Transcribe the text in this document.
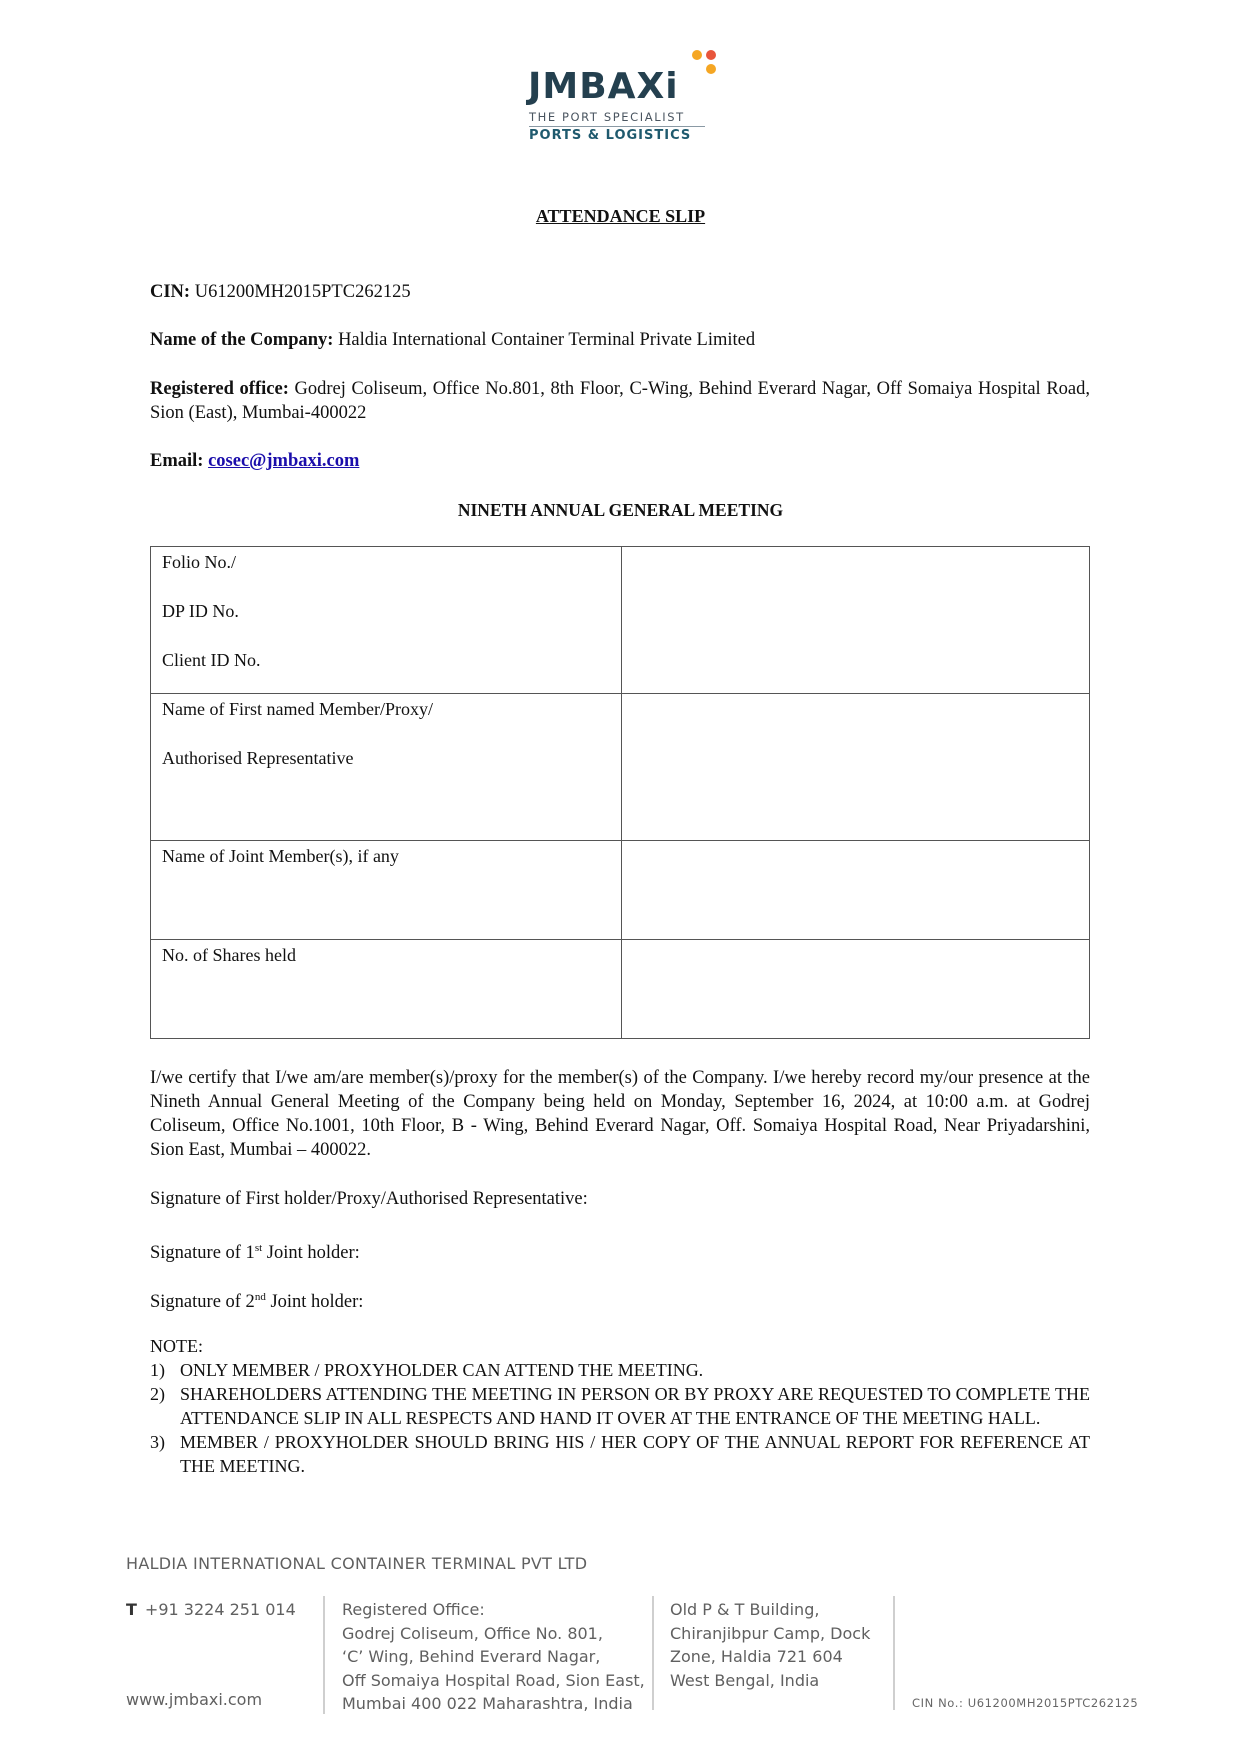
JMBAXi
THE PORT SPECIALIST
PORTS & LOGISTICS
ATTENDANCE SLIP
CIN: U61200MH2015PTC262125
Name of the Company: Haldia International Container Terminal Private Limited
Registered office: Godrej Coliseum, Office No.801, 8th Floor, C-Wing, Behind Everard Nagar, Off Somaiya Hospital Road, Sion (East), Mumbai-400022
Email: cosec@jmbaxi.com
NINETH ANNUAL GENERAL MEETING
Folio No./
DP ID No.
Client ID No.	

Name of First named Member/Proxy/
Authorised Representative	

Name of Joint Member(s), if any	

No. of Shares held	

I/we certify that I/we am/are member(s)/proxy for the member(s) of the Company. I/we hereby record my/our presence at the Nineth Annual General Meeting of the Company being held on Monday, September 16, 2024, at 10:00 a.m. at Godrej Coliseum, Office No.1001, 10th Floor, B - Wing, Behind Everard Nagar, Off. Somaiya Hospital Road, Near Priyadarshini, Sion East, Mumbai – 400022.
Signature of First holder/Proxy/Authorised Representative:
Signature of 1st Joint holder:
Signature of 2nd Joint holder:
NOTE:
1) ONLY MEMBER / PROXYHOLDER CAN ATTEND THE MEETING.
2) SHAREHOLDERS ATTENDING THE MEETING IN PERSON OR BY PROXY ARE REQUESTED TO COMPLETE THE ATTENDANCE SLIP IN ALL RESPECTS AND HAND IT OVER AT THE ENTRANCE OF THE MEETING HALL.
3) MEMBER / PROXYHOLDER SHOULD BRING HIS / HER COPY OF THE ANNUAL REPORT FOR REFERENCE AT THE MEETING.
HALDIA INTERNATIONAL CONTAINER TERMINAL PVT LTD
T +91 3224 251 014
www.jmbaxi.com
Registered Office:
Godrej Coliseum, Office No. 801,
‘C’ Wing, Behind Everard Nagar,
Off Somaiya Hospital Road, Sion East,
Mumbai 400 022 Maharashtra, India
Old P & T Building,
Chiranjibpur Camp, Dock
Zone, Haldia 721 604
West Bengal, India
CIN No.: U61200MH2015PTC262125
